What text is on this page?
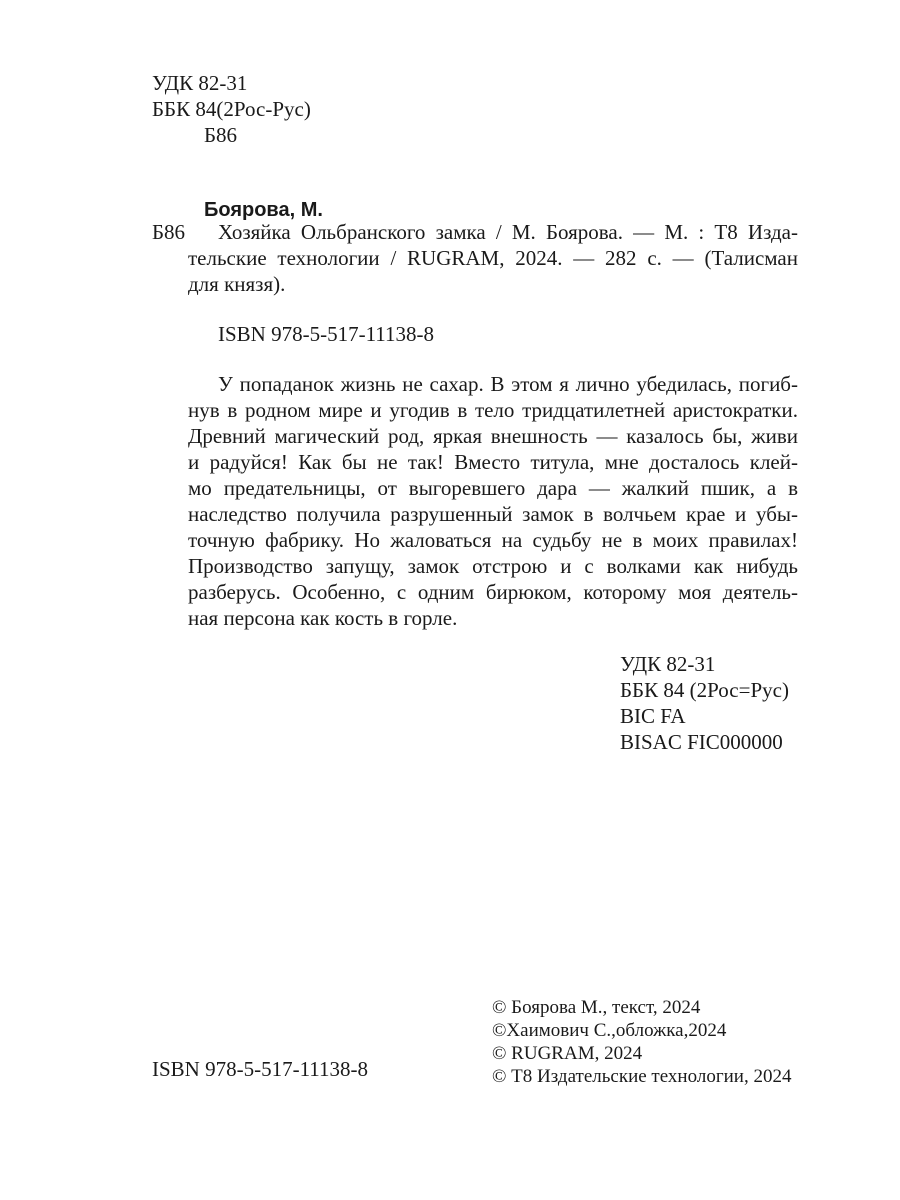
УДК 82-31
ББК 84(2Рос-Рус)
Б86
Боярова, М.
Б86 Хозяйка Ольбранского замка / М. Боярова. — М. : Т8 Изда-
тельские технологии / RUGRAM, 2024. — 282 с. — (Талисман
для князя).
ISBN 978-5-517-11138-8
У попаданок жизнь не сахар. В этом я лично убедилась, погиб-
нув в родном мире и угодив в тело тридцатилетней аристократки.
Древний магический род, яркая внешность — казалось бы, живи
и радуйся! Как бы не так! Вместо титула, мне досталось клей-
мо предательницы, от выгоревшего дара — жалкий пшик, а в
наследство получила разрушенный замок в волчьем крае и убы-
точную фабрику. Но жаловаться на судьбу не в моих правилах!
Производство запущу, замок отстрою и с волками как нибудь
разберусь. Особенно, с одним бирюком, которому моя деятель-
ная персона как кость в горле.
УДК 82-31
ББК 84 (2Рос=Рус)
BIC FA
BISAC FIC000000
ISBN 978-5-517-11138-8
© Боярова М., текст, 2024
©Хаимович С.,обложка,2024
© RUGRAM, 2024
© Т8 Издательские технологии, 2024
